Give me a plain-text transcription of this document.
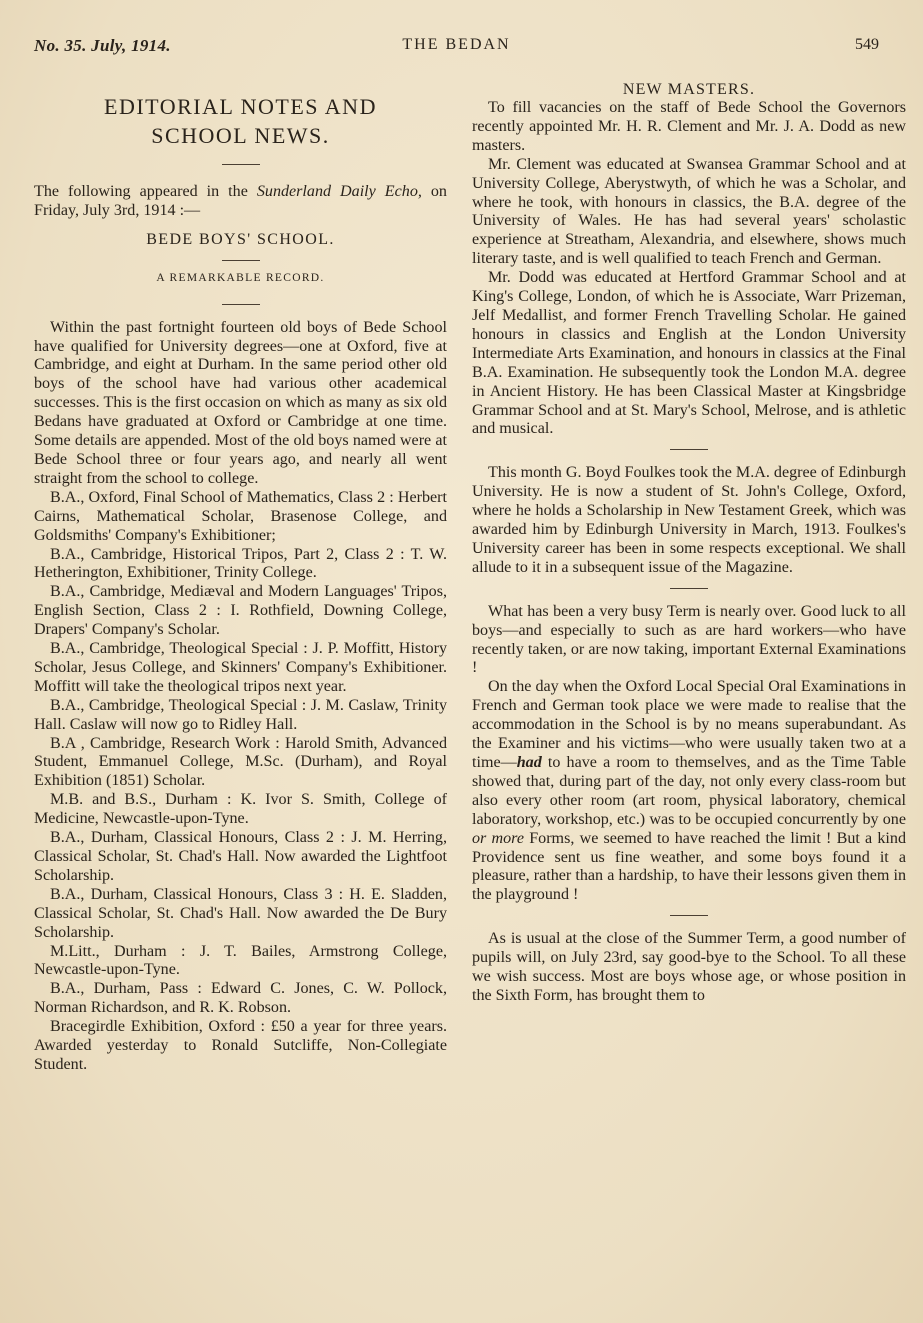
No. 35. July, 1914.	THE BEDAN	549
EDITORIAL NOTES AND
SCHOOL NEWS.

The following appeared in the Sunderland Daily Echo, on Friday, July 3rd, 1914 :—

BEDE BOYS' SCHOOL.
A REMARKABLE RECORD.

Within the past fortnight fourteen old boys of Bede School have qualified for University degrees—one at Oxford, five at Cambridge, and eight at Durham. In the same period other old boys of the school have had various other academical successes. This is the first occasion on which as many as six old Bedans have graduated at Oxford or Cambridge at one time. Some details are appended. Most of the old boys named were at Bede School three or four years ago, and nearly all went straight from the school to college.

B.A., Oxford, Final School of Mathematics, Class 2 : Herbert Cairns, Mathematical Scholar, Brasenose College, and Goldsmiths' Company's Exhibitioner;

B.A., Cambridge, Historical Tripos, Part 2, Class 2 : T. W. Hetherington, Exhibitioner, Trinity College.

B.A., Cambridge, Mediæval and Modern Languages' Tripos, English Section, Class 2 : I. Rothfield, Downing College, Drapers' Company's Scholar.

B.A., Cambridge, Theological Special : J. P. Moffitt, History Scholar, Jesus College, and Skinners' Company's Exhibitioner. Moffitt will take the theological tripos next year.

B.A., Cambridge, Theological Special : J. M. Caslaw, Trinity Hall. Caslaw will now go to Ridley Hall.

B.A , Cambridge, Research Work : Harold Smith, Advanced Student, Emmanuel College, M.Sc. (Durham), and Royal Exhibition (1851) Scholar.

M.B. and B.S., Durham : K. Ivor S. Smith, College of Medicine, Newcastle-upon-Tyne.

B.A., Durham, Classical Honours, Class 2 : J. M. Herring, Classical Scholar, St. Chad's Hall. Now awarded the Lightfoot Scholarship.

B.A., Durham, Classical Honours, Class 3 : H. E. Sladden, Classical Scholar, St. Chad's Hall. Now awarded the De Bury Scholarship.

M.Litt., Durham : J. T. Bailes, Armstrong College, Newcastle-upon-Tyne.

B.A., Durham, Pass : Edward C. Jones, C. W. Pollock, Norman Richardson, and R. K. Robson.

Bracegirdle Exhibition, Oxford : £50 a year for three years. Awarded yesterday to Ronald Sutcliffe, Non-Collegiate Student.

NEW MASTERS.

To fill vacancies on the staff of Bede School the Governors recently appointed Mr. H. R. Clement and Mr. J. A. Dodd as new masters.

Mr. Clement was educated at Swansea Grammar School and at University College, Aberystwyth, of which he was a Scholar, and where he took, with honours in classics, the B.A. degree of the University of Wales. He has had several years' scholastic experience at Streatham, Alexandria, and elsewhere, shows much literary taste, and is well qualified to teach French and German.

Mr. Dodd was educated at Hertford Grammar School and at King's College, London, of which he is Associate, Warr Prizeman, Jelf Medallist, and former French Travelling Scholar. He gained honours in classics and English at the London University Intermediate Arts Examination, and honours in classics at the Final B.A. Examination. He subsequently took the London M.A. degree in Ancient History. He has been Classical Master at Kingsbridge Grammar School and at St. Mary's School, Melrose, and is athletic and musical.

This month G. Boyd Foulkes took the M.A. degree of Edinburgh University. He is now a student of St. John's College, Oxford, where he holds a Scholarship in New Testament Greek, which was awarded him by Edinburgh University in March, 1913. Foulkes's University career has been in some respects exceptional. We shall allude to it in a subsequent issue of the Magazine.

What has been a very busy Term is nearly over. Good luck to all boys—and especially to such as are hard workers—who have recently taken, or are now taking, important External Examinations !

On the day when the Oxford Local Special Oral Examinations in French and German took place we were made to realise that the accommodation in the School is by no means superabundant. As the Examiner and his victims—who were usually taken two at a time—had to have a room to themselves, and as the Time Table showed that, during part of the day, not only every class-room but also every other room (art room, physical laboratory, chemical laboratory, workshop, etc.) was to be occupied concurrently by one or more Forms, we seemed to have reached the limit ! But a kind Providence sent us fine weather, and some boys found it a pleasure, rather than a hardship, to have their lessons given them in the playground !

As is usual at the close of the Summer Term, a good number of pupils will, on July 23rd, say good-bye to the School. To all these we wish success. Most are boys whose age, or whose position in the Sixth Form, has brought them to
